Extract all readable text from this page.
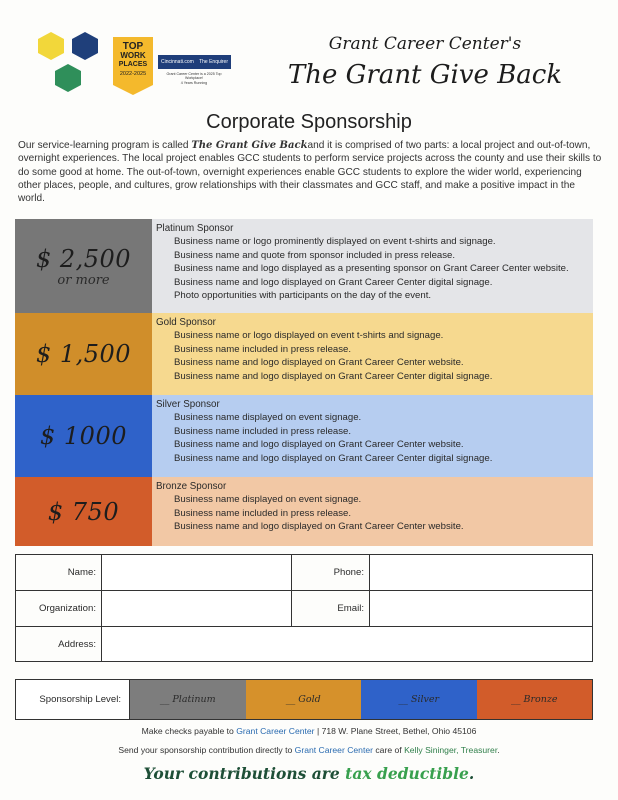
TOP
WORK
PLACES
2022-2025
Cincinnati.com The Enquirer
Grant Career Center is a 2025 Top
Workplace!
4 Years Running
Grant Career Center's
The Grant Give Back
Corporate Sponsorship
Our service-learning program is called The Grant Give Backand it is comprised of two parts: a local project and out-of-town, overnight experiences. The local project enables GCC students to perform service projects across the county and use their skills to do some good at home. The out-of-town, overnight experiences enable GCC students to explore the wider world, experiencing other places, people, and cultures, grow relationships with their classmates and GCC staff, and make a positive impact in the world.
$ 2,500
or more
Platinum Sponsor
Business name or logo prominently displayed on event t-shirts and signage.
Business name and quote from sponsor included in press release.
Business name and logo displayed as a presenting sponsor on Grant Career Center website.
Business name and logo displayed on Grant Career Center digital signage.
Photo opportunities with participants on the day of the event.
$ 1,500
Gold Sponsor
Business name or logo displayed on event t-shirts and signage.
Business name included in press release.
Business name and logo displayed on Grant Career Center website.
Business name and logo displayed on Grant Career Center digital signage.
$ 1000
Silver Sponsor
Business name displayed on event signage.
Business name included in press release.
Business name and logo displayed on Grant Career Center website.
Business name and logo displayed on Grant Career Center digital signage.
$ 750
Bronze Sponsor
Business name displayed on event signage.
Business name included in press release.
Business name and logo displayed on Grant Career Center website.
Name:		Phone:	
Organization:		Email:	
Address:			
Sponsorship Level:	__ Platinum	__ Gold	__ Silver	__ Bronze
Make checks payable to Grant Career Center | 718 W. Plane Street, Bethel, Ohio 45106
Send your sponsorship contribution directly to Grant Career Center care of Kelly Sininger, Treasurer.
Your contributions are tax deductible.
